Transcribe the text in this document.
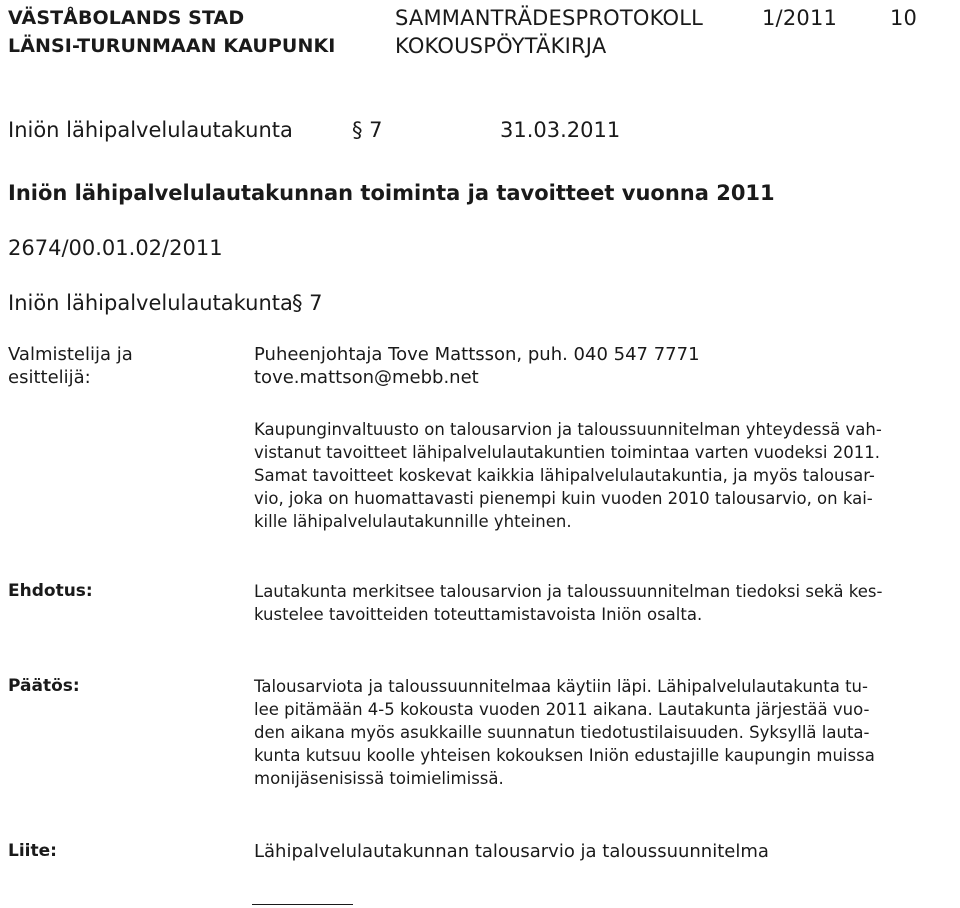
VÄSTÅBOLANDS STAD
LÄNSI-TURUNMAAN KAUPUNKI
SAMMANTRÄDESPROTOKOLL
KOKOUSPÖYTÄKIRJA
1/2011	10
Iniön lähipalvelulautakunta	§ 7	31.03.2011
Iniön lähipalvelulautakunnan toiminta ja tavoitteet vuonna 2011
2674/00.01.02/2011
Iniön lähipalvelulautakunta § 7
Valmistelija ja
esittelijä:
Puheenjohtaja Tove Mattsson, puh. 040 547 7771
tove.mattson@mebb.net
Kaupunginvaltuusto on talousarvion ja taloussuunnitelman yhteydessä vah-
vistanut tavoitteet lähipalvelulautakuntien toimintaa varten vuodeksi 2011.
Samat tavoitteet koskevat kaikkia lähipalvelulautakuntia, ja myös talousar-
vio, joka on huomattavasti pienempi kuin vuoden 2010 talousarvio, on kai-
kille lähipalvelulautakunnille yhteinen.
Ehdotus:	Lautakunta merkitsee talousarvion ja taloussuunnitelman tiedoksi sekä kes-
kustelee tavoitteiden toteuttamistavoista Iniön osalta.
Päätös:	Talousarviota ja taloussuunnitelmaa käytiin läpi. Lähipalvelulautakunta tu-
lee pitämään 4-5 kokousta vuoden 2011 aikana. Lautakunta järjestää vuo-
den aikana myös asukkaille suunnatun tiedotustilaisuuden. Syksyllä lauta-
kunta kutsuu koolle yhteisen kokouksen Iniön edustajille kaupungin muissa
monijäsenisissä toimielimissä.
Liite:	Lähipalvelulautakunnan talousarvio ja taloussuunnitelma
